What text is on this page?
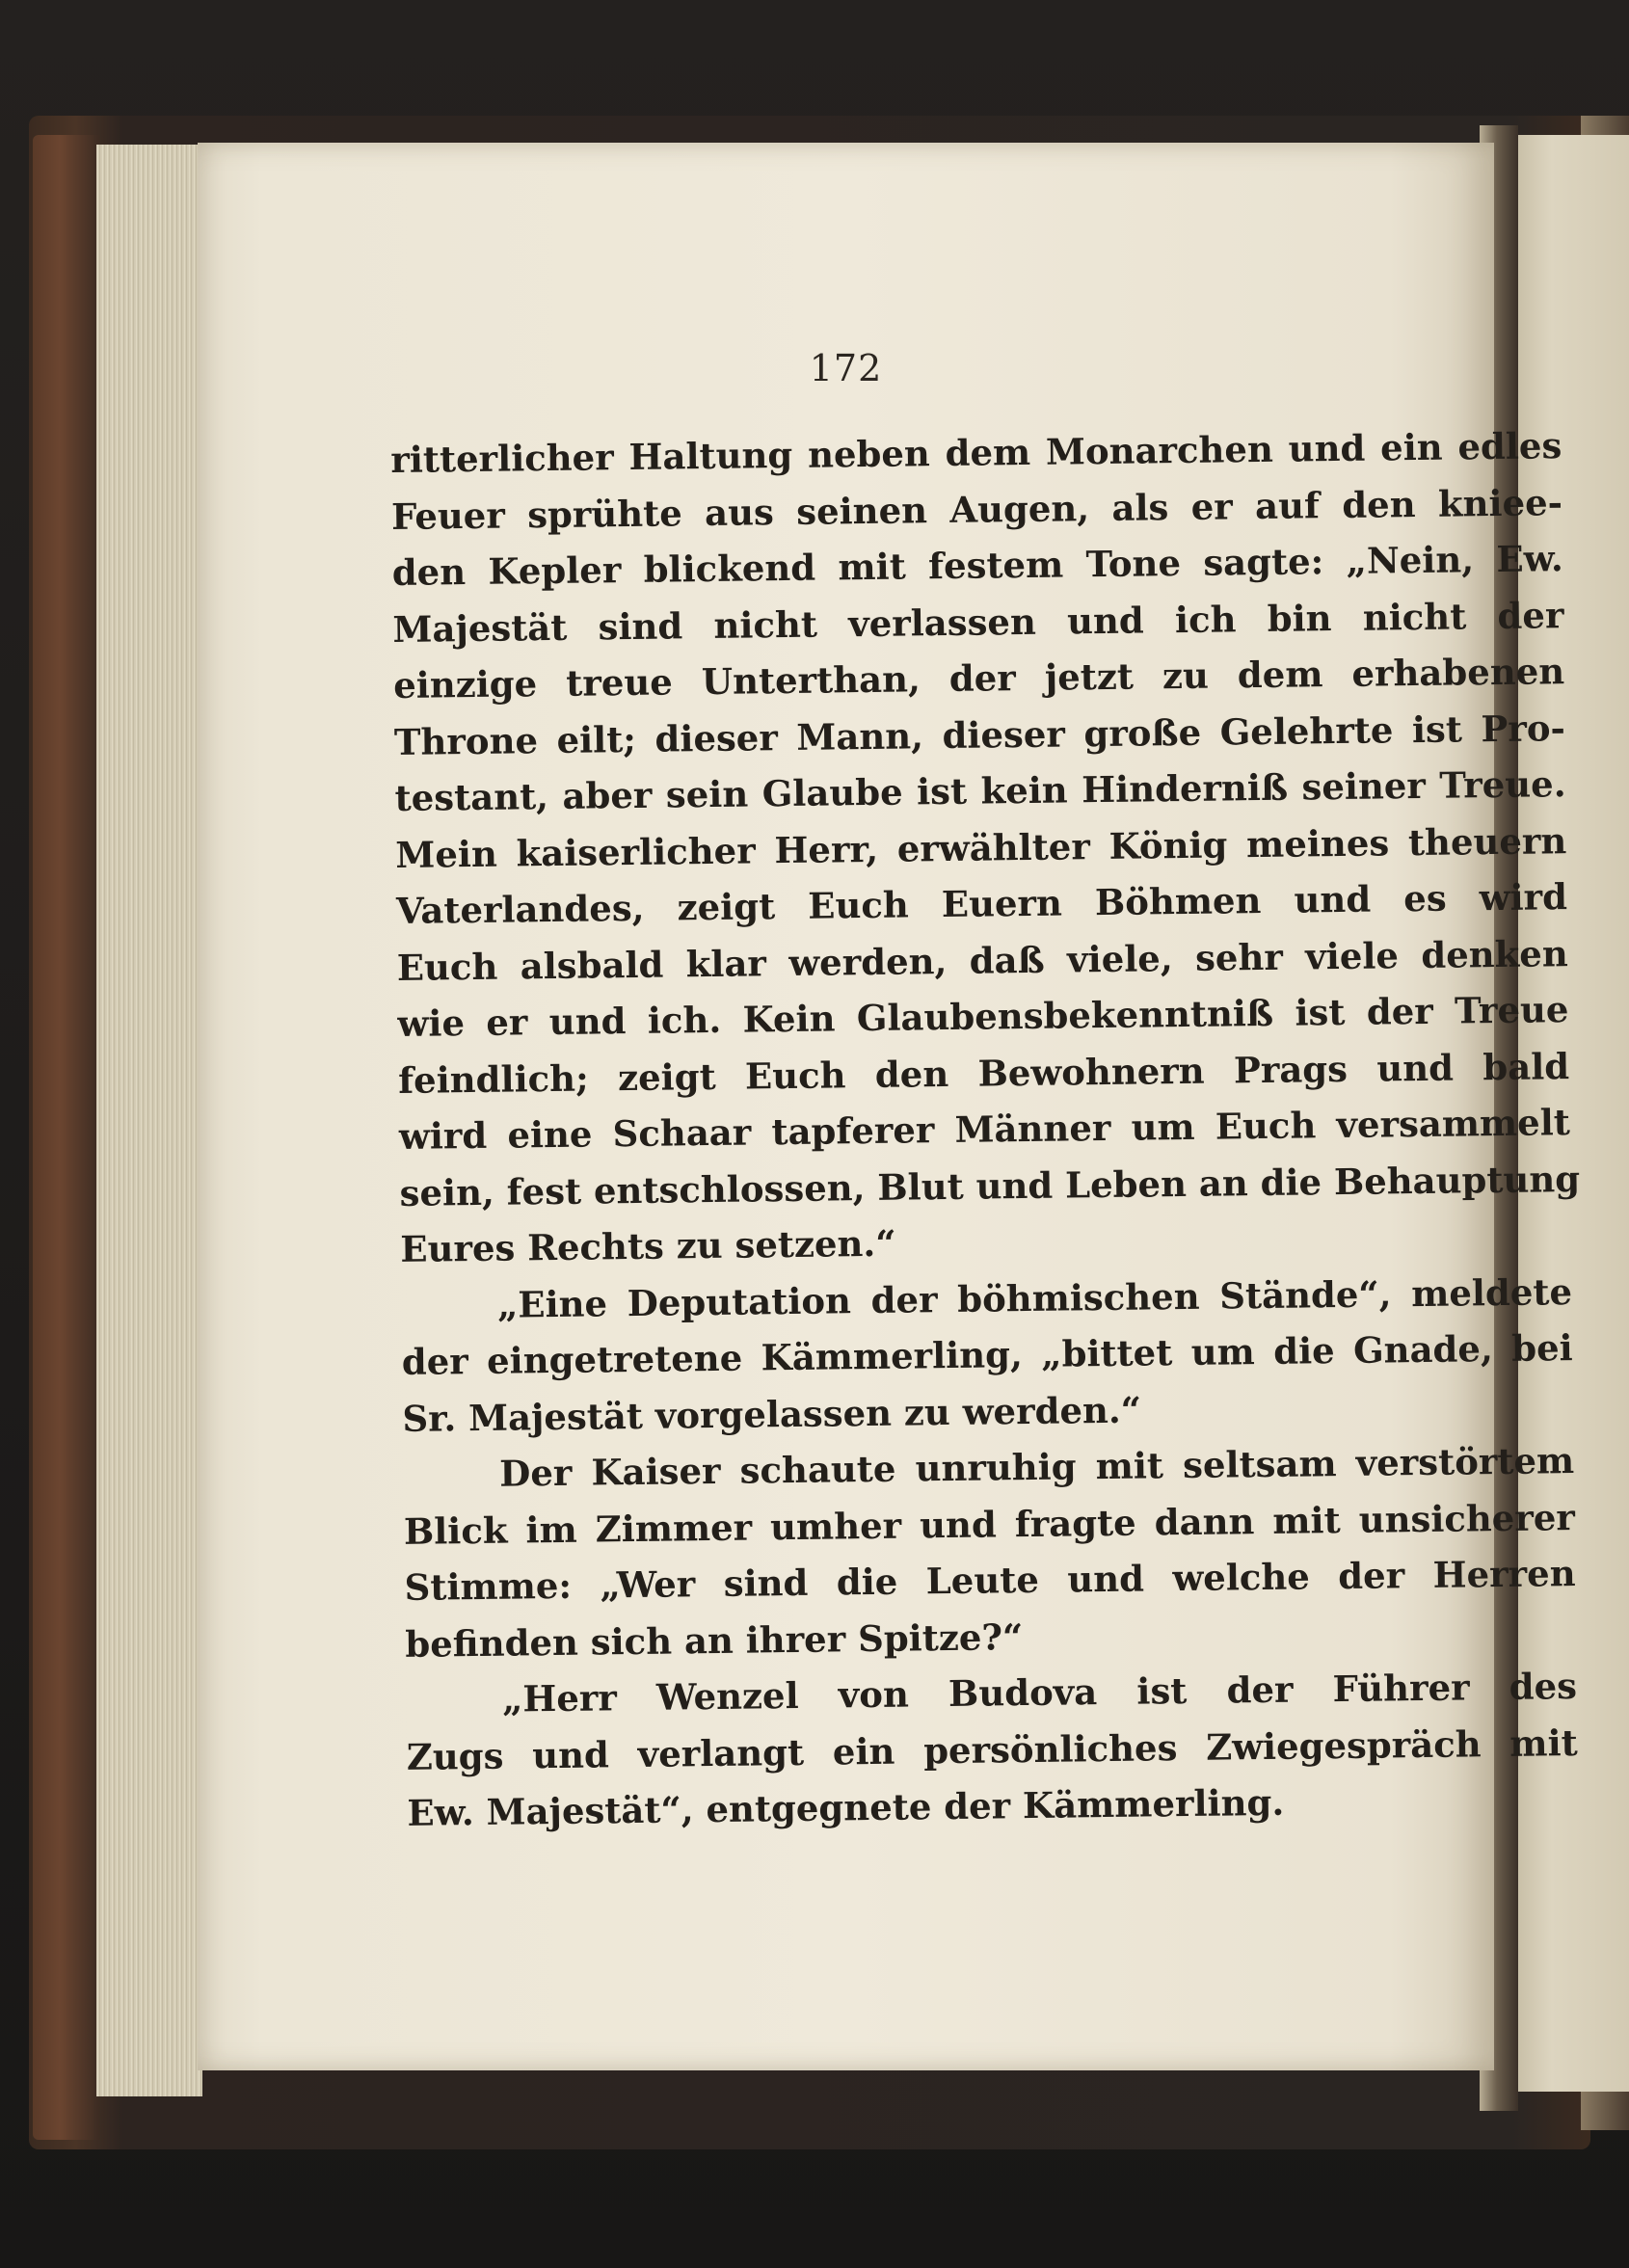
172
ritterlicher Haltung neben dem Monarchen und ein edles
Feuer sprühte aus seinen Augen, als er auf den kniee-
den Kepler blickend mit festem Tone sagte: „Nein, Ew.
Majestät sind nicht verlassen und ich bin nicht der
einzige treue Unterthan, der jetzt zu dem erhabenen
Throne eilt; dieser Mann, dieser große Gelehrte ist Pro-
testant, aber sein Glaube ist kein Hinderniß seiner Treue.
Mein kaiserlicher Herr, erwählter König meines theuern
Vaterlandes, zeigt Euch Euern Böhmen und es wird
Euch alsbald klar werden, daß viele, sehr viele denken
wie er und ich. Kein Glaubensbekenntniß ist der Treue
feindlich; zeigt Euch den Bewohnern Prags und bald
wird eine Schaar tapferer Männer um Euch versammelt
sein, fest entschlossen, Blut und Leben an die Behauptung
Eures Rechts zu setzen.“
„Eine Deputation der böhmischen Stände“, meldete
der eingetretene Kämmerling, „bittet um die Gnade, bei
Sr. Majestät vorgelassen zu werden.“
Der Kaiser schaute unruhig mit seltsam verstörtem
Blick im Zimmer umher und fragte dann mit unsicherer
Stimme: „Wer sind die Leute und welche der Herren
befinden sich an ihrer Spitze?“
„Herr Wenzel von Budova ist der Führer des
Zugs und verlangt ein persönliches Zwiegespräch mit
Ew. Majestät“, entgegnete der Kämmerling.
